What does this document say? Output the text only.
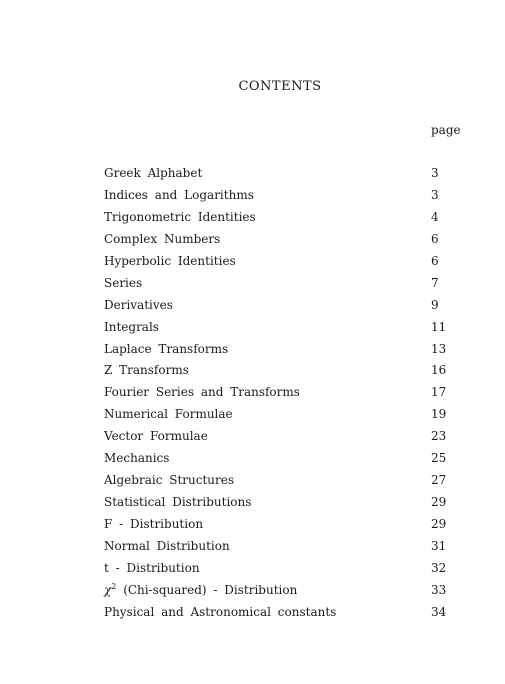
CONTENTS
page
Greek Alphabet	3
Indices and Logarithms	3
Trigonometric Identities	4
Complex Numbers	6
Hyperbolic Identities	6
Series	7
Derivatives	9
Integrals	11
Laplace Transforms	13
Z Transforms	16
Fourier Series and Transforms	17
Numerical Formulae	19
Vector Formulae	23
Mechanics	25
Algebraic Structures	27
Statistical Distributions	29
F - Distribution	29
Normal Distribution	31
t - Distribution	32
$\chi^2$ (Chi-squared) - Distribution	33
Physical and Astronomical constants	34
